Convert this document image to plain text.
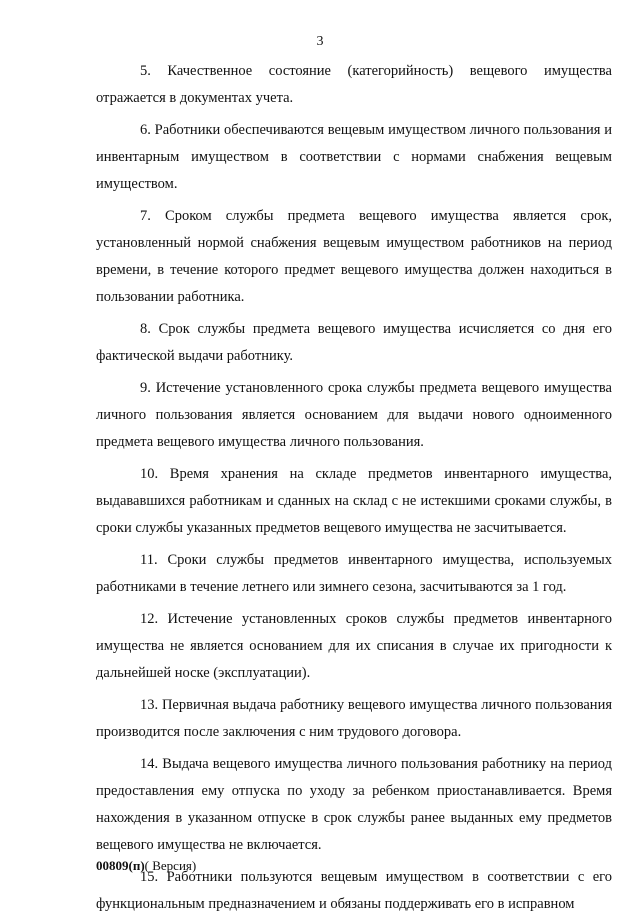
3

5. Качественное состояние (категорийность) вещевого имущества отражается в документах учета.

6. Работники обеспечиваются вещевым имуществом личного пользования и инвентарным имуществом в соответствии с нормами снабжения вещевым имуществом.

7. Сроком службы предмета вещевого имущества является срок, установленный нормой снабжения вещевым имуществом работников на период времени, в течение которого предмет вещевого имущества должен находиться в пользовании работника.

8. Срок службы предмета вещевого имущества исчисляется со дня его фактической выдачи работнику.

9. Истечение установленного срока службы предмета вещевого имущества личного пользования является основанием для выдачи нового одноименного предмета вещевого имущества личного пользования.

10. Время хранения на складе предметов инвентарного имущества, выдававшихся работникам и сданных на склад с не истекшими сроками службы, в сроки службы указанных предметов вещевого имущества не засчитывается.

11. Сроки службы предметов инвентарного имущества, используемых работниками в течение летнего или зимнего сезона, засчитываются за 1 год.

12. Истечение установленных сроков службы предметов инвентарного имущества не является основанием для их списания в случае их пригодности к дальнейшей носке (эксплуатации).

13. Первичная выдача работнику вещевого имущества личного пользования производится после заключения с ним трудового договора.

14. Выдача вещевого имущества личного пользования работнику на период предоставления ему отпуска по уходу за ребенком приостанавливается. Время нахождения в указанном отпуске в срок службы ранее выданных ему предметов вещевого имущества не включается.

15. Работники пользуются вещевым имуществом в соответствии с его функциональным предназначением и обязаны поддерживать его в исправном

00809(п)( Версия)
